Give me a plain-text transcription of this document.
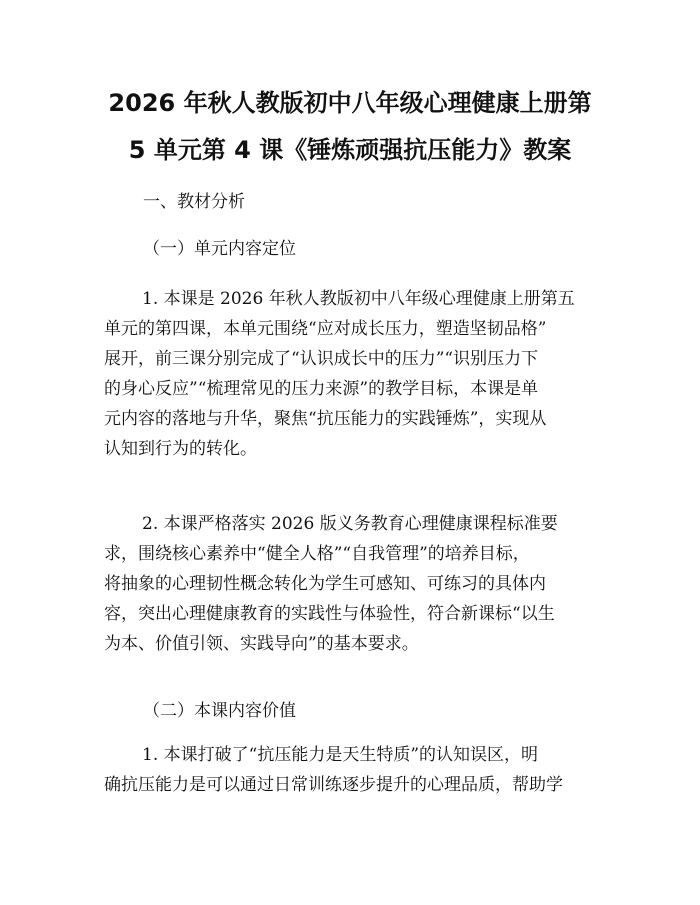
2026 年秋人教版初中八年级心理健康上册第
5 单元第 4 课《锤炼顽强抗压能力》教案

一、教材分析

（一）单元内容定位

1. 本课是 2026 年秋人教版初中八年级心理健康上册第五
单元的第四课，本单元围绕“应对成长压力，塑造坚韧品格”
展开，前三课分别完成了“认识成长中的压力”“识别压力下
的身心反应”“梳理常见的压力来源”的教学目标，本课是单
元内容的落地与升华，聚焦“抗压能力的实践锤炼”，实现从
认知到行为的转化。
2. 本课严格落实 2026 版义务教育心理健康课程标准要
求，围绕核心素养中“健全人格”“自我管理”的培养目标，
将抽象的心理韧性概念转化为学生可感知、可练习的具体内
容，突出心理健康教育的实践性与体验性，符合新课标“以生
为本、价值引领、实践导向”的基本要求。

（二）本课内容价值

1. 本课打破了“抗压能力是天生特质”的认知误区，明
确抗压能力是可以通过日常训练逐步提升的心理品质，帮助学
